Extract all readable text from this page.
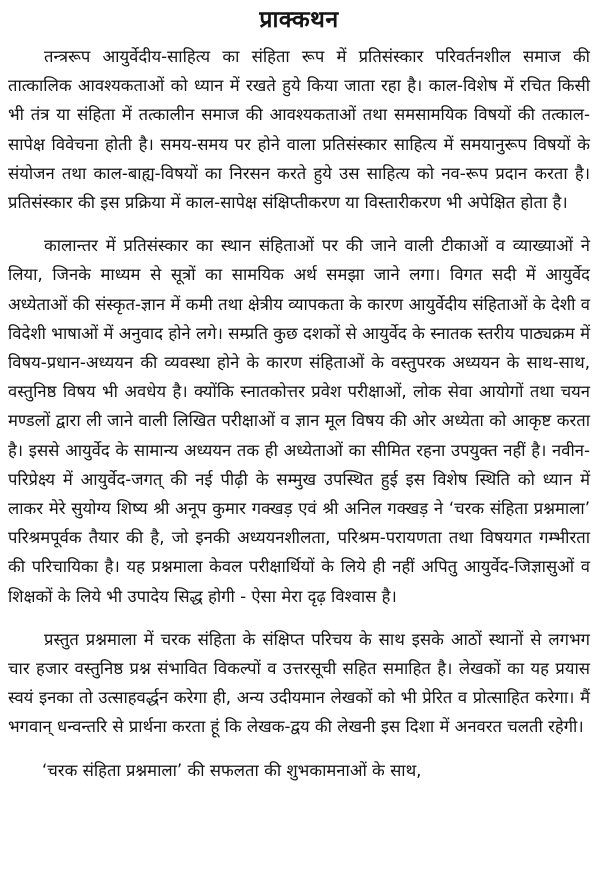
प्राक्कथन

तन्त्ररूप आयुर्वेदीय-साहित्य का संहिता रूप में प्रतिसंस्कार परिवर्तनशील समाज की तात्कालिक आवश्यकताओं को ध्यान में रखते हुये किया जाता रहा है। काल-विशेष में रचित किसी भी तंत्र या संहिता में तत्कालीन समाज की आवश्यकताओं तथा समसामयिक विषयों की तत्काल-सापेक्ष विवेचना होती है। समय-समय पर होने वाला प्रतिसंस्कार साहित्य में समयानुरूप विषयों के संयोजन तथा काल-बाह्य-विषयों का निरसन करते हुये उस साहित्य को नव-रूप प्रदान करता है। प्रतिसंस्कार की इस प्रक्रिया में काल-सापेक्ष संक्षिप्तीकरण या विस्तारीकरण भी अपेक्षित होता है।

कालान्तर में प्रतिसंस्कार का स्थान संहिताओं पर की जाने वाली टीकाओं व व्याख्याओं ने लिया, जिनके माध्यम से सूत्रों का सामयिक अर्थ समझा जाने लगा। विगत सदी में आयुर्वेद अध्येताओं की संस्कृत-ज्ञान में कमी तथा क्षेत्रीय व्यापकता के कारण आयुर्वेदीय संहिताओं के देशी व विदेशी भाषाओं में अनुवाद होने लगे। सम्प्रति कुछ दशकों से आयुर्वेद के स्नातक स्तरीय पाठ्यक्रम में विषय-प्रधान-अध्ययन की व्यवस्था होने के कारण संहिताओं के वस्तुपरक अध्ययन के साथ-साथ, वस्तुनिष्ठ विषय भी अवधेय है। क्योंकि स्नातकोत्तर प्रवेश परीक्षाओं, लोक सेवा आयोगों तथा चयन मण्डलों द्वारा ली जाने वाली लिखित परीक्षाओं व ज्ञान मूल विषय की ओर अध्येता को आकृष्ट करता है। इससे आयुर्वेद के सामान्य अध्ययन तक ही अध्येताओं का सीमित रहना उपयुक्त नहीं है। नवीन-परिप्रेक्ष्य में आयुर्वेद-जगत् की नई पीढ़ी के सम्मुख उपस्थित हुई इस विशेष स्थिति को ध्यान में लाकर मेरे सुयोग्य शिष्य श्री अनूप कुमार गक्खड़ एवं श्री अनिल गक्खड़ ने ‘चरक संहिता प्रश्नमाला’ परिश्रमपूर्वक तैयार की है, जो इनकी अध्ययनशीलता, परिश्रम-परायणता तथा विषयगत गम्भीरता की परिचायिका है। यह प्रश्नमाला केवल परीक्षार्थियों के लिये ही नहीं अपितु आयुर्वेद-जिज्ञासुओं व शिक्षकों के लिये भी उपादेय सिद्ध होगी - ऐसा मेरा दृढ़ विश्वास है।

प्रस्तुत प्रश्नमाला में चरक संहिता के संक्षिप्त परिचय के साथ इसके आठों स्थानों से लगभग चार हजार वस्तुनिष्ठ प्रश्न संभावित विकल्पों व उत्तरसूची सहित समाहित है। लेखकों का यह प्रयास स्वयं इनका तो उत्साहवर्द्धन करेगा ही, अन्य उदीयमान लेखकों को भी प्रेरित व प्रोत्साहित करेगा। मैं भगवान् धन्वन्तरि से प्रार्थना करता हूं कि लेखक-द्वय की लेखनी इस दिशा में अनवरत चलती रहेगी।

‘चरक संहिता प्रश्नमाला’ की सफलता की शुभकामनाओं के साथ,
